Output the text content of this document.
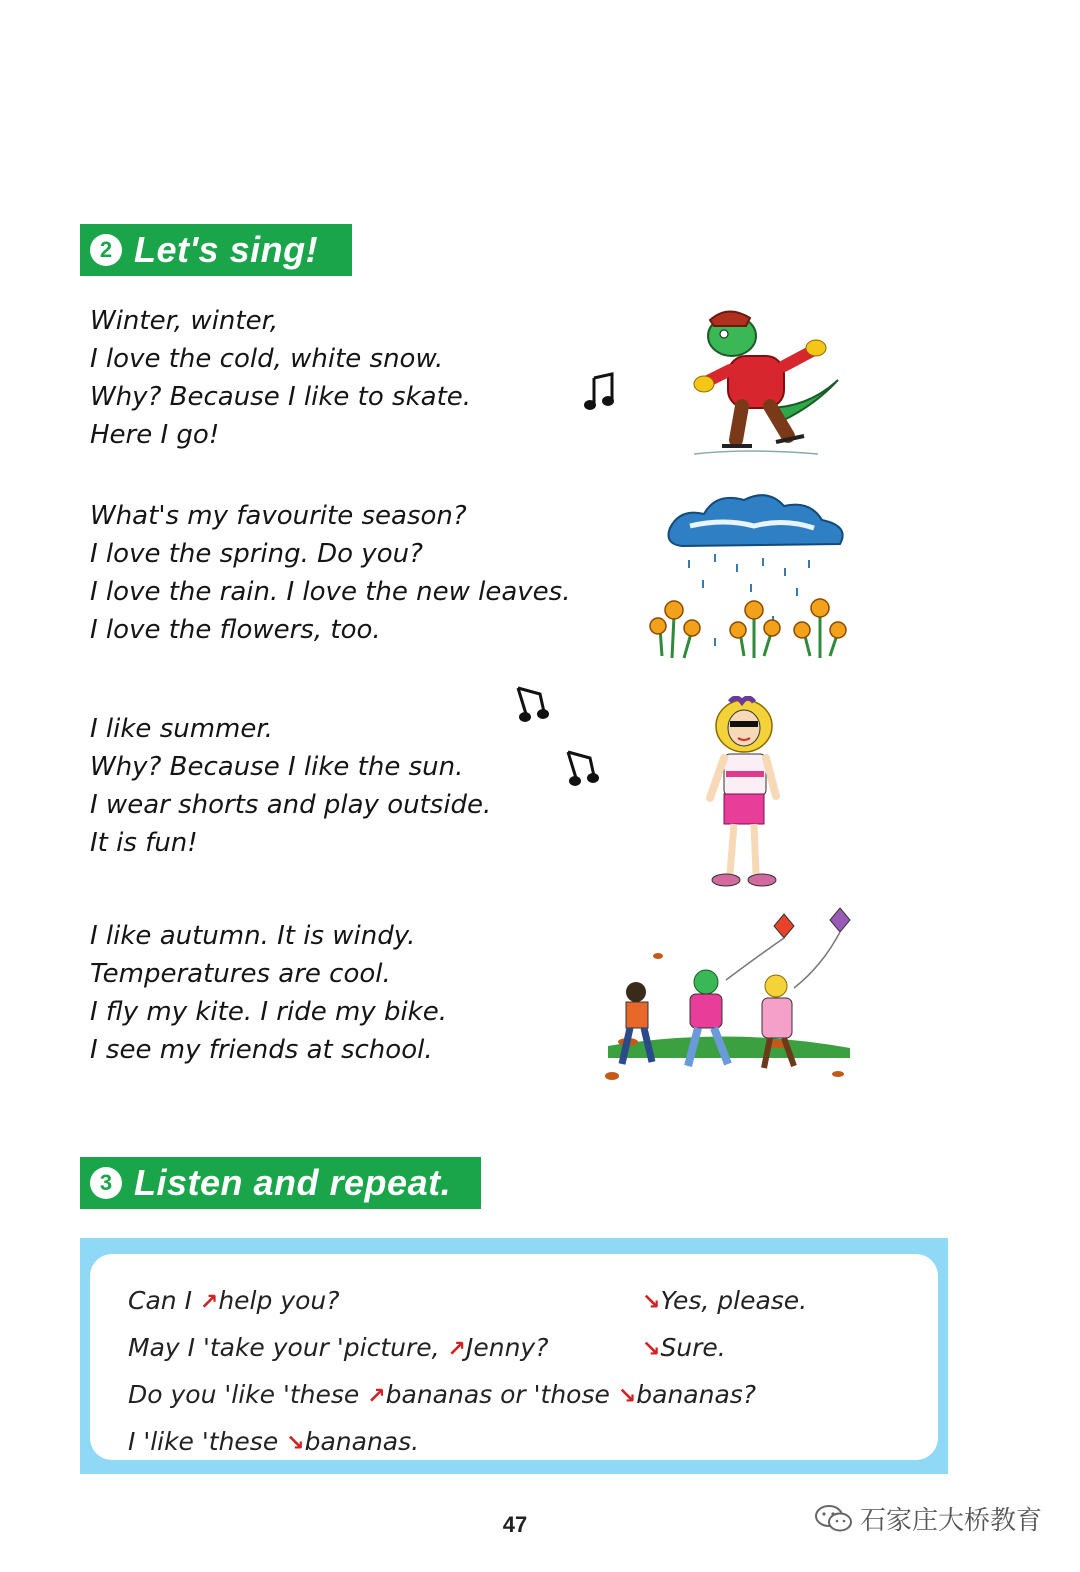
2 Let's sing!
Winter, winter,
I love the cold, white snow.
Why? Because I like to skate.
Here I go!
What's my favourite season?
I love the spring. Do you?
I love the rain. I love the new leaves.
I love the flowers, too.
I like summer.
Why? Because I like the sun.
I wear shorts and play outside.
It is fun!
I like autumn. It is windy.
Temperatures are cool.
I fly my kite. I ride my bike.
I see my friends at school.
3 Listen and repeat.
Can I ↗help you?	↘Yes, please.
May I 'take your 'picture, ↗Jenny?	↘Sure.
Do you 'like 'these ↗bananas or 'those ↘bananas?
I 'like 'these ↘bananas.
47	石家庄大桥教育
